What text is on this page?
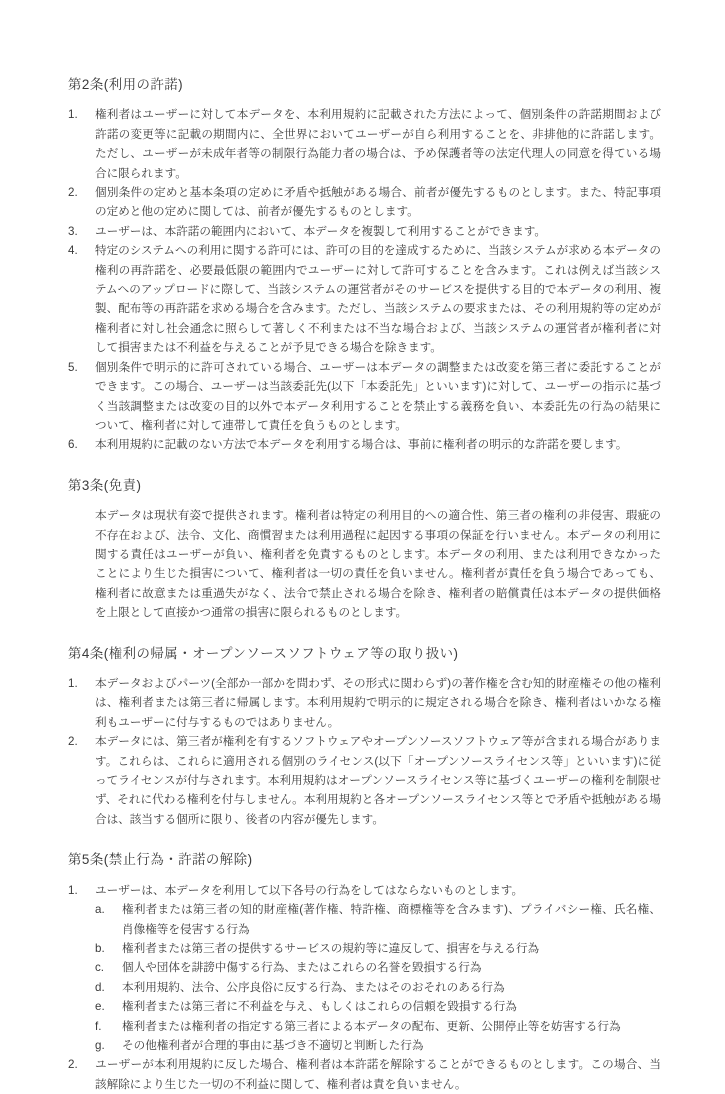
第2条(利用の許諾)
1.	権利者はユーザーに対して本データを、本利用規約に記載された方法によって、個別条件の許諾期間および許諾の変更等に記載の期間内に、全世界においてユーザーが自ら利用することを、非排他的に許諾します。ただし、ユーザーが未成年者等の制限行為能力者の場合は、予め保護者等の法定代理人の同意を得ている場合に限られます。
2.	個別条件の定めと基本条項の定めに矛盾や抵触がある場合、前者が優先するものとします。また、特記事項の定めと他の定めに関しては、前者が優先するものとします。
3.	ユーザーは、本許諾の範囲内において、本データを複製して利用することができます。
4.	特定のシステムへの利用に関する許可には、許可の目的を達成するために、当該システムが求める本データの権利の再許諾を、必要最低限の範囲内でユーザーに対して許可することを含みます。これは例えば当該システムへのアップロードに際して、当該システムの運営者がそのサービスを提供する目的で本データの利用、複製、配布等の再許諾を求める場合を含みます。ただし、当該システムの要求または、その利用規約等の定めが権利者に対し社会通念に照らして著しく不利または不当な場合および、当該システムの運営者が権利者に対して損害または不利益を与えることが予見できる場合を除きます。
5.	個別条件で明示的に許可されている場合、ユーザーは本データの調整または改変を第三者に委託することができます。この場合、ユーザーは当該委託先(以下「本委託先」といいます)に対して、ユーザーの指示に基づく当該調整または改変の目的以外で本データ利用することを禁止する義務を負い、本委託先の行為の結果について、権利者に対して連帯して責任を負うものとします。
6.	本利用規約に記載のない方法で本データを利用する場合は、事前に権利者の明示的な許諾を要します。
第3条(免責)

本データは現状有姿で提供されます。権利者は特定の利用目的への適合性、第三者の権利の非侵害、瑕疵の不存在および、法令、文化、商慣習または利用過程に起因する事項の保証を行いません。本データの利用に関する責任はユーザーが負い、権利者を免責するものとします。本データの利用、または利用できなかったことにより生じた損害について、権利者は一切の責任を負いません。権利者が責任を負う場合であっても、権利者に故意または重過失がなく、法令で禁止される場合を除き、権利者の賠償責任は本データの提供価格を上限として直接かつ通常の損害に限られるものとします。

第4条(権利の帰属・オープンソースソフトウェア等の取り扱い)
1.	本データおよびパーツ(全部か一部かを問わず、その形式に関わらず)の著作権を含む知的財産権その他の権利は、権利者または第三者に帰属します。本利用規約で明示的に規定される場合を除き、権利者はいかなる権利もユーザーに付与するものではありません。
2.	本データには、第三者が権利を有するソフトウェアやオープンソースソフトウェア等が含まれる場合があります。これらは、これらに適用される個別のライセンス(以下「オープンソースライセンス等」といいます)に従ってライセンスが付与されます。本利用規約はオープンソースライセンス等に基づくユーザーの権利を制限せず、それに代わる権利を付与しません。本利用規約と各オープンソースライセンス等とで矛盾や抵触がある場合は、該当する個所に限り、後者の内容が優先します。
第5条(禁止行為・許諾の解除)
1.	ユーザーは、本データを利用して以下各号の行為をしてはならないものとします。
a.	権利者または第三者の知的財産権(著作権、特許権、商標権等を含みます)、プライバシー権、氏名権、肖像権等を侵害する行為
b.	権利者または第三者の提供するサービスの規約等に違反して、損害を与える行為
c.	個人や団体を誹謗中傷する行為、またはこれらの名誉を毀損する行為
d.	本利用規約、法令、公序良俗に反する行為、またはそのおそれのある行為
e.	権利者または第三者に不利益を与え、もしくはこれらの信頼を毀損する行為
f.	権利者または権利者の指定する第三者による本データの配布、更新、公開停止等を妨害する行為
g.	その他権利者が合理的事由に基づき不適切と判断した行為
2.	ユーザーが本利用規約に反した場合、権利者は本許諾を解除することができるものとします。この場合、当該解除により生じた一切の不利益に関して、権利者は責を負いません。
